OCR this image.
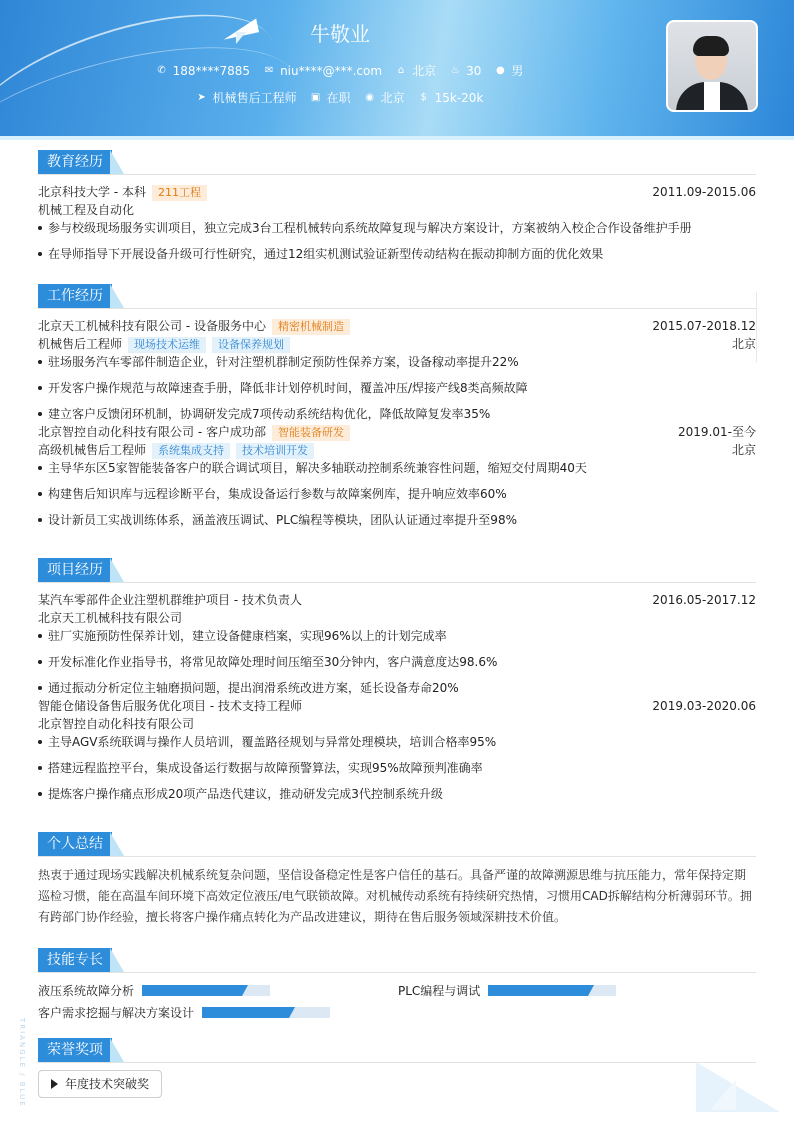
牛敬业
✆ 188****7885 ✉ niu****@***.com ⌂ 北京 ♨ 30 ● 男
➤ 机械售后工程师 ▣ 在职 ◉ 北京 $ 15k-20k
教育经历
北京科技大学 - 本科 211工程	2011.09-2015.06
机械工程及自动化
参与校级现场服务实训项目，独立完成3台工程机械转向系统故障复现与解决方案设计，方案被纳入校企合作设备维护手册
在导师指导下开展设备升级可行性研究，通过12组实机测试验证新型传动结构在振动抑制方面的优化效果
工作经历
北京天工机械科技有限公司 - 设备服务中心 精密机械制造	2015.07-2018.12
机械售后工程师 现场技术运维 设备保养规划	北京
驻场服务汽车零部件制造企业，针对注塑机群制定预防性保养方案，设备稼动率提升22%
开发客户操作规范与故障速查手册，降低非计划停机时间，覆盖冲压/焊接产线8类高频故障
建立客户反馈闭环机制，协调研发完成7项传动系统结构优化，降低故障复发率35%
北京智控自动化科技有限公司 - 客户成功部 智能装备研发	2019.01-至今
高级机械售后工程师 系统集成支持 技术培训开发	北京
主导华东区5家智能装备客户的联合调试项目，解决多轴联动控制系统兼容性问题，缩短交付周期40天
构建售后知识库与远程诊断平台，集成设备运行参数与故障案例库，提升响应效率60%
设计新员工实战训练体系，涵盖液压调试、PLC编程等模块，团队认证通过率提升至98%
项目经历
某汽车零部件企业注塑机群维护项目 - 技术负责人	2016.05-2017.12
北京天工机械科技有限公司
驻厂实施预防性保养计划，建立设备健康档案，实现96%以上的计划完成率
开发标准化作业指导书，将常见故障处理时间压缩至30分钟内，客户满意度达98.6%
通过振动分析定位主轴磨损问题，提出润滑系统改进方案，延长设备寿命20%
智能仓储设备售后服务优化项目 - 技术支持工程师	2019.03-2020.06
北京智控自动化科技有限公司
主导AGV系统联调与操作人员培训，覆盖路径规划与异常处理模块，培训合格率95%
搭建远程监控平台，集成设备运行数据与故障预警算法，实现95%故障预判准确率
提炼客户操作痛点形成20项产品迭代建议，推动研发完成3代控制系统升级
个人总结
热衷于通过现场实践解决机械系统复杂问题，坚信设备稳定性是客户信任的基石。具备严谨的故障溯源思维与抗压能力，常年保持定期巡检习惯，能在高温车间环境下高效定位液压/电气联锁故障。对机械传动系统有持续研究热情，习惯用CAD拆解结构分析薄弱环节。拥有跨部门协作经验，擅长将客户操作痛点转化为产品改进建议，期待在售后服务领域深耕技术价值。
技能专长
液压系统故障分析	PLC编程与调试
客户需求挖掘与解决方案设计
荣誉奖项
年度技术突破奖
TRIANGLE / BLUE
